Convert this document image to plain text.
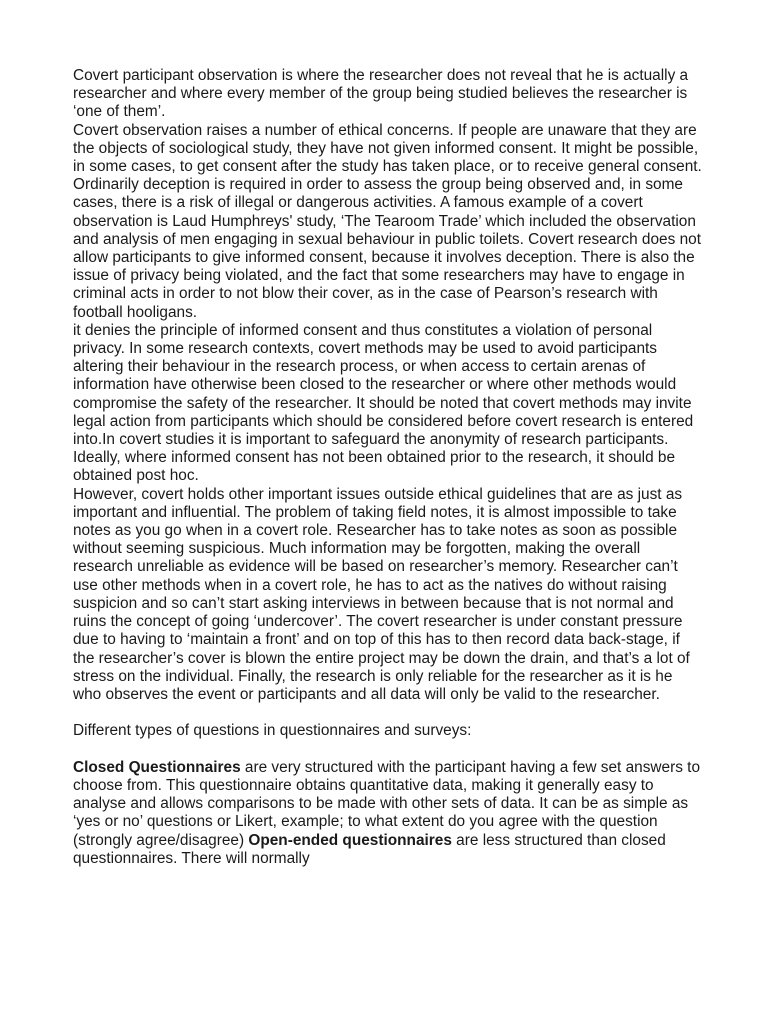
Covert participant observation is where the researcher does not reveal that he is actually a researcher and where every member of the group being studied believes the researcher is ‘one of them’.

Covert observation raises a number of ethical concerns. If people are unaware that they are the objects of sociological study, they have not given informed consent. It might be possible, in some cases, to get consent after the study has taken place, or to receive general consent. Ordinarily deception is required in order to assess the group being observed and, in some cases, there is a risk of illegal or dangerous activities. A famous example of a covert observation is Laud Humphreys' study, ‘The Tearoom Trade’ which included the observation and analysis of men engaging in sexual behaviour in public toilets. Covert research does not allow participants to give informed consent, because it involves deception. There is also the issue of privacy being violated, and the fact that some researchers may have to engage in criminal acts in order to not blow their cover, as in the case of Pearson’s research with football hooligans.

it denies the principle of informed consent and thus constitutes a violation of personal privacy. In some research contexts, covert methods may be used to avoid participants altering their behaviour in the research process, or when access to certain arenas of information have otherwise been closed to the researcher or where other methods would compromise the safety of the researcher. It should be noted that covert methods may invite legal action from participants which should be considered before covert research is entered into.In covert studies it is important to safeguard the anonymity of research participants. Ideally, where informed consent has not been obtained prior to the research, it should be obtained post hoc.

However, covert holds other important issues outside ethical guidelines that are as just as important and influential. The problem of taking field notes, it is almost impossible to take notes as you go when in a covert role. Researcher has to take notes as soon as possible without seeming suspicious. Much information may be forgotten, making the overall research unreliable as evidence will be based on researcher’s memory. Researcher can’t use other methods when in a covert role, he has to act as the natives do without raising suspicion and so can’t start asking interviews in between because that is not normal and ruins the concept of going ‘undercover’. The covert researcher is under constant pressure due to having to ‘maintain a front’ and on top of this has to then record data back-stage, if the researcher’s cover is blown the entire project may be down the drain, and that’s a lot of stress on the individual. Finally, the research is only reliable for the researcher as it is he who observes the event or participants and all data will only be valid to the researcher.

Different types of questions in questionnaires and surveys:

Closed Questionnaires are very structured with the participant having a few set answers to choose from. This questionnaire obtains quantitative data, making it generally easy to analyse and allows comparisons to be made with other sets of data. It can be as simple as ‘yes or no’ questions or Likert, example; to what extent do you agree with the question (strongly agree/disagree) Open-ended questionnaires are less structured than closed questionnaires. There will normally
